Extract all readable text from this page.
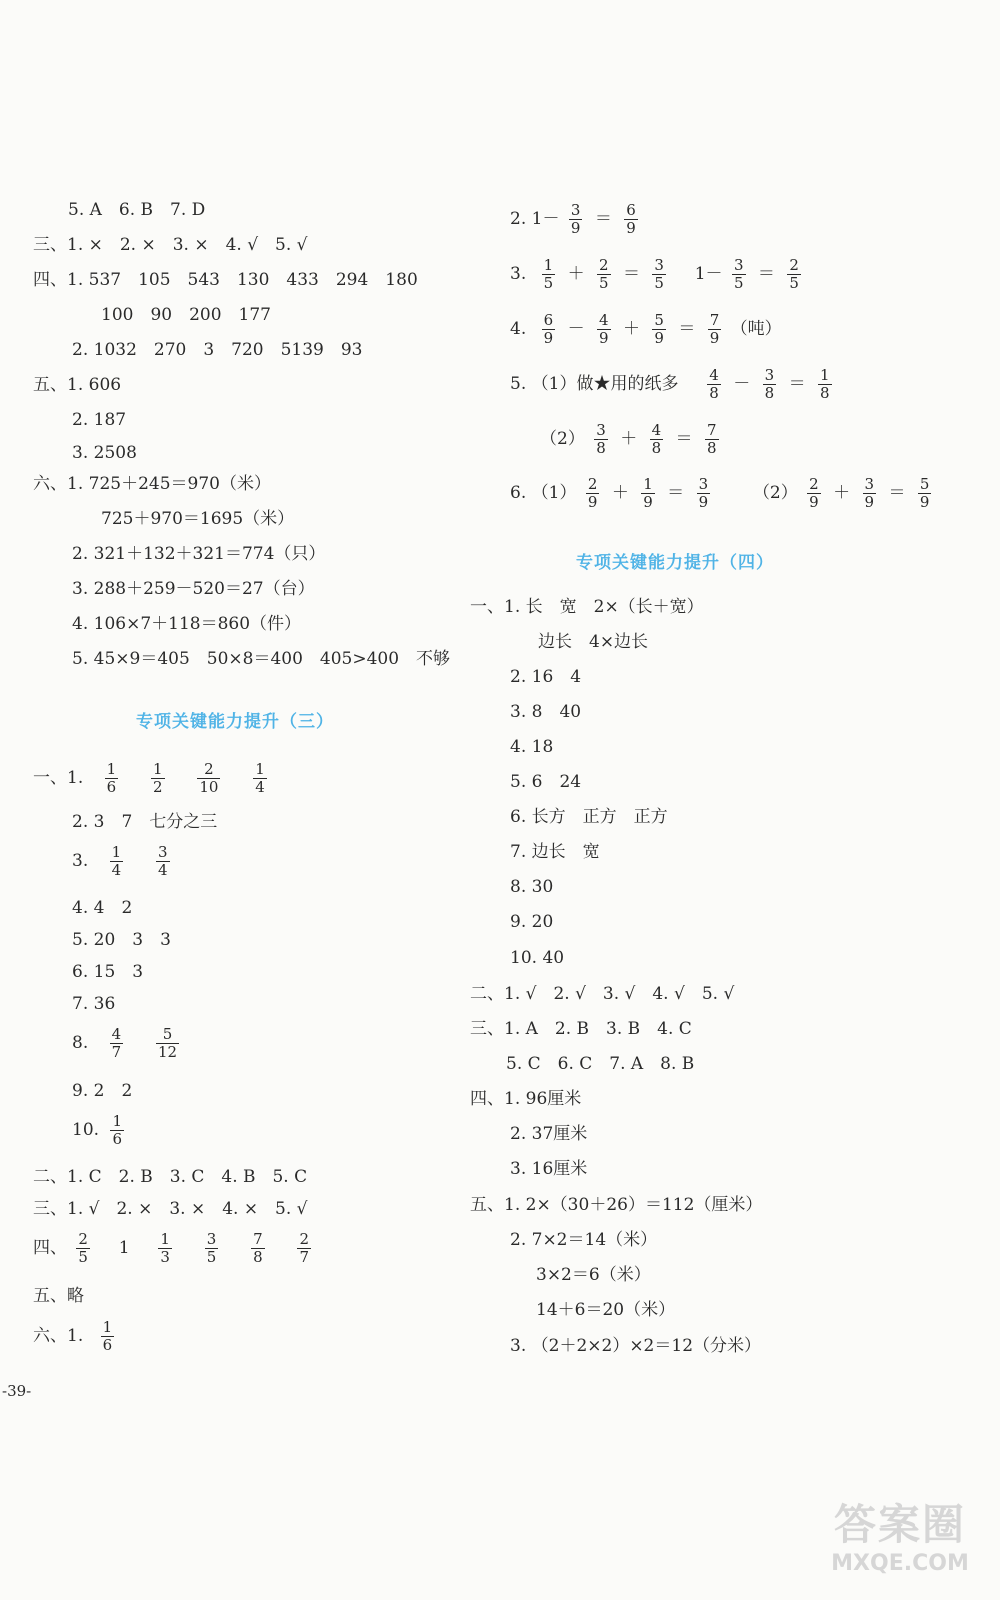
5. A　6. B　7. D
三、1. ×　2. ×　3. ×　4. √　5. √
四、1. 537　105　543　130　433　294　180
100　90　200　177
2. 1032　270　3　720　5139　93
五、1. 606
2. 187
3. 2508
六、1. 725＋245＝970（米）
725＋970＝1695（米）
2. 321＋132＋321＝774（只）
3. 288＋259－520＝27（台）
4. 106×7＋118＝860（件）
5. 45×9＝405　50×8＝400　405>400　不够
专项关键能力提升（三）
一、1. $\frac{1}{6}$
$\frac{1}{2}$
$\frac{2}{10}$
$\frac{1}{4}$
2. 3　7　七分之三
3. $\frac{1}{4}$
$\frac{3}{4}$
4. 4　2
5. 20　3　3
6. 15　3
7. 36
8. $\frac{4}{7}$
$\frac{5}{12}$
9. 2　2
10. $\frac{1}{6}$
二、1. C　2. B　3. C　4. B　5. C
三、1. √　2. ×　3. ×　4. ×　5. √
四、 $\frac{2}{5} 1 \frac{1}{3}$
$\frac{3}{5}$
$\frac{7}{8}$
$\frac{2}{7}$
五、略
六、1. $\frac{1}{6}$
-39-
2. $1- \frac{3}{9} = \frac{6}{9}$
3. $\frac{1}{5} + \frac{2}{5} = \frac{3}{5} 1- \frac{3}{5} = \frac{2}{5}$
4. $\frac{6}{9} - \frac{4}{9} + \frac{5}{9} = \frac{7}{9}$ （吨）
5. （1）做★用的纸多 $\frac{4}{8} - \frac{3}{8} = \frac{1}{8}$
$(2) \frac{3}{8} + \frac{4}{8} = \frac{7}{8}$
6. $(1) \frac{2}{9} + \frac{1}{9} = \frac{3}{9}$	$(2) \frac{2}{9} + \frac{3}{9} = \frac{5}{9}$
专项关键能力提升（四）
一、1. 长　宽　2×（长＋宽）
边长　4×边长
2. 16　4
3. 8　40
4. 18
5. 6　24
6. 长方　正方　正方
7. 边长　宽
8. 30
9. 20
10. 40
二、1. √　2. √　3. √　4. √　5. √
三、1. A　2. B　3. B　4. C
5. C　6. C　7. A　8. B
四、1. 96厘米
2. 37厘米
3. 16厘米
五、1. 2×（30＋26）＝112（厘米）
2. 7×2＝14（米）
3×2＝6（米）
14＋6＝20（米）
3. （2＋2×2）×2＝12（分米）
答案圈
MXQE.COM
